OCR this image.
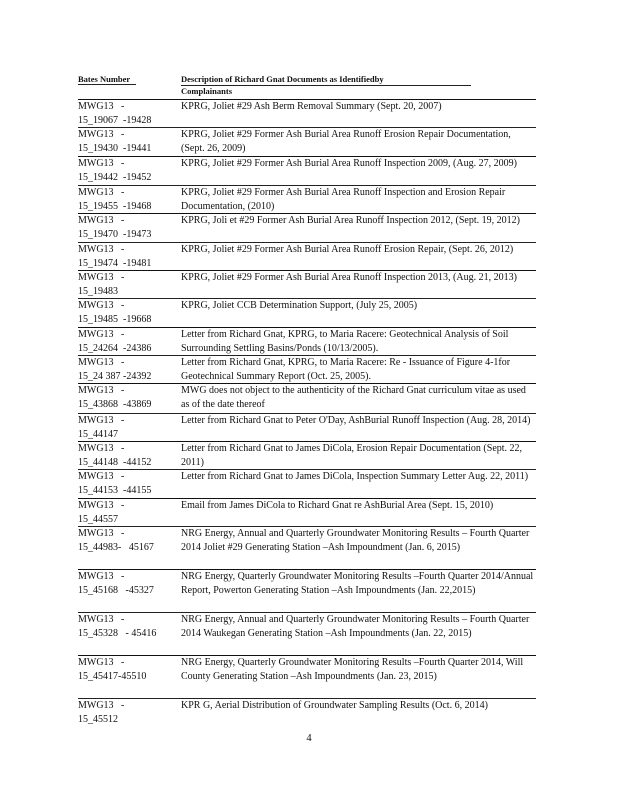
Bates Number	Description of Richard Gnat Documents as Identifiedby
Complainants
MWG13   -
15_19067  -19428
KPRG, Joliet #29 Ash Berm Removal Summary (Sept. 20, 2007)
MWG13   -
15_19430  -19441
KPRG, Joliet #29 Former Ash Burial Area Runoff Erosion Repair Documentation, (Sept. 26, 2009)
MWG13   -
15_19442  -19452
KPRG, Joliet #29 Former Ash Burial Area Runoff Inspection 2009, (Aug. 27, 2009)
MWG13   -
15_19455  -19468
KPRG, Joliet #29 Former Ash Burial Area Runoff Inspection and Erosion Repair Documentation, (2010)
MWG13   -
15_19470  -19473
KPRG, Joli et #29 Former Ash Burial Area Runoff Inspection 2012, (Sept. 19, 2012)
MWG13   -
15_19474  -19481
KPRG, Joliet #29 Former Ash Burial Area Runoff Erosion Repair, (Sept. 26, 2012)
MWG13   -
15_19483
KPRG, Joliet #29 Former Ash Burial Area Runoff Inspection 2013, (Aug. 21, 2013)
MWG13   -
15_19485  -19668
KPRG, Joliet CCB Determination Support, (July 25, 2005)
MWG13   -
15_24264  -24386
Letter from Richard Gnat, KPRG, to Maria Racere: Geotechnical Analysis of Soil Surrounding Settling Basins/Ponds (10/13/2005).
MWG13   -
15_24 387 -24392
Letter from Richard Gnat, KPRG, to Maria Racere: Re - Issuance of Figure 4-1for Geotechnical Summary Report (Oct. 25, 2005).
MWG13   -
15_43868  -43869
MWG does not object to the authenticity of the Richard Gnat curriculum vitae as used as of the date thereof
MWG13   -
15_44147
Letter from Richard Gnat to Peter O'Day, AshBurial Runoff Inspection (Aug. 28, 2014)
MWG13   -
15_44148  -44152
Letter from Richard Gnat to James DiCola, Erosion Repair Documentation (Sept. 22, 2011)
MWG13   -
15_44153  -44155
Letter from Richard Gnat to James DiCola, Inspection Summary Letter Aug. 22, 2011)
MWG13   -
15_44557
Email from James DiCola to Richard Gnat re AshBurial Area (Sept. 15, 2010)
MWG13   -
15_44983-   45167
NRG Energy, Annual and Quarterly Groundwater Monitoring Results – Fourth Quarter 2014 Joliet #29 Generating Station –Ash Impoundment (Jan. 6, 2015)
MWG13   -
15_45168   -45327
NRG Energy, Quarterly Groundwater Monitoring Results –Fourth Quarter 2014/Annual Report, Powerton Generating Station –Ash Impoundments (Jan. 22,2015)
MWG13   -
15_45328   - 45416
NRG Energy, Annual and Quarterly Groundwater Monitoring Results – Fourth Quarter 2014 Waukegan Generating Station –Ash Impoundments (Jan. 22, 2015)
MWG13   -
15_45417-45510
NRG Energy, Quarterly Groundwater Monitoring Results –Fourth Quarter 2014, Will County Generating Station –Ash Impoundments (Jan. 23, 2015)
MWG13   -
15_45512
KPR G, Aerial Distribution of Groundwater Sampling Results (Oct. 6, 2014)
4
